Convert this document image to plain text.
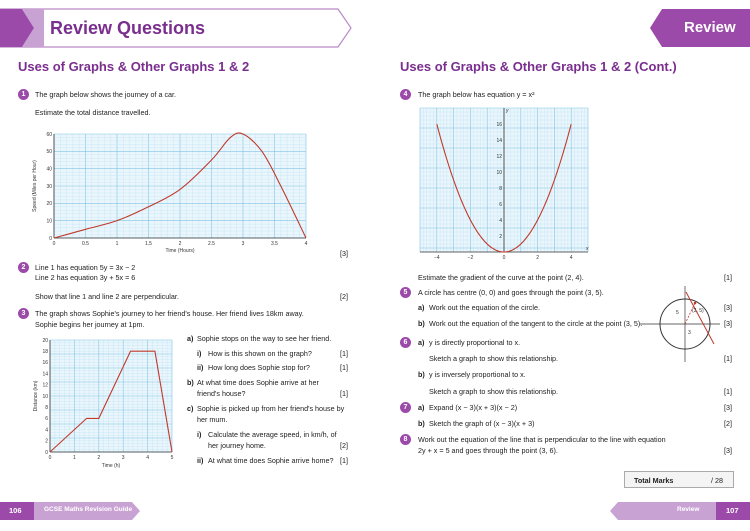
Review Questions	Review
Uses of Graphs & Other Graphs 1 & 2
1	The graph below shows the journey of a car.
Estimate the total distance travelled.
0	0.5	1	1.5	2	2.5	3	3.5	4
0
10
20
30
40
50
60
Time (Hours)
Speed (Miles per Hour)
[3]
2	Line 1 has equation 5y = 3x − 2
Line 2 has equation 3y + 5x = 6
Show that line 1 and line 2 are perpendicular.	[2]
3	The graph shows Sophie's journey to her friend's house. Her friend lives 18km away.
Sophie begins her journey at 1pm.
0	1	2	3	4	5
0
2
4
6
8
10
12
14
16
18
20
Time (h)
Distance (km)
a) Sophie stops on the way to see her friend.
i) How is this shown on the graph?	[1]
ii) How long does Sophie stop for?	[1]
b) At what time does Sophie arrive at her
friend's house?	[1]
c) Sophie is picked up from her friend's house by
her mum.
i) Calculate the average speed, in km/h, of
her journey home.	[2]
ii) At what time does Sophie arrive home? [1]
Uses of Graphs & Other Graphs 1 & 2 (Cont.)
4	The graph below has equation y = x²
−4	−2	0	2	4
2
4
6
8
10
12
14
16
x
y
Estimate the gradient of the curve at the point (2, 4).	[1]
5	A circle has centre (0, 0) and goes through the point (3, 5).
a) Work out the equation of the circle.	[3]
b) Work out the equation of the tangent to the circle at the point (3, 5).	[3]
(3, 5)
5
3
6	a) y is directly proportional to x.
Sketch a graph to show this relationship.	[1]
b) y is inversely proportional to x.
Sketch a graph to show this relationship.	[1]
7	a) Expand (x − 3)(x + 3)(x − 2)	[3]
b) Sketch the graph of (x − 3)(x + 3)	[2]
8	Work out the equation of the line that is perpendicular to the line with equation
2y + x = 5 and goes through the point (3, 6).	[3]
Total Marks	/ 28
106	GCSE Maths Revision Guide	Review	107
